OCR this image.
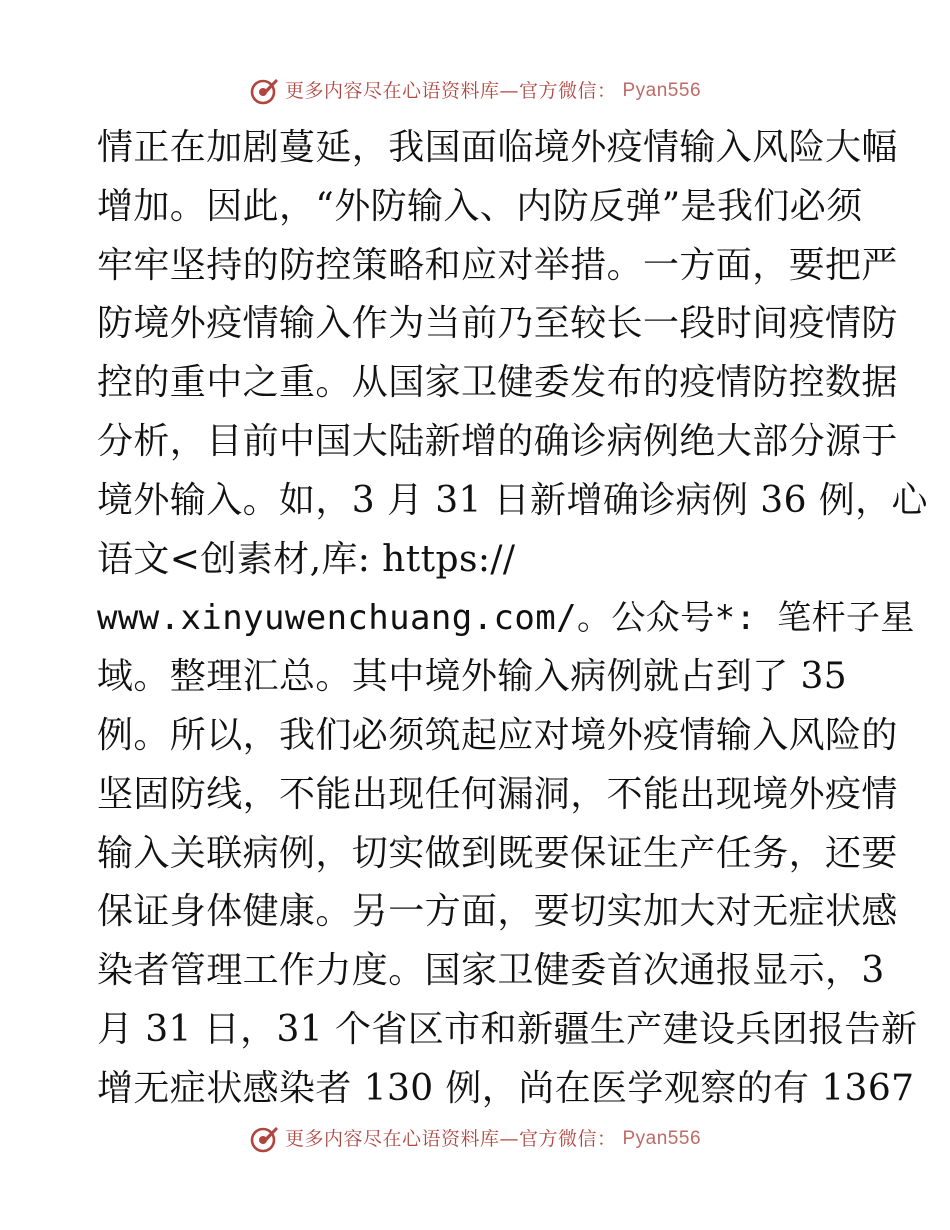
更多内容尽在心语资料库—官方微信： Pyan556
情正在加剧蔓延，我国面临境外疫情输入风险大幅
增加。因此，“外防输入、内防反弹”是我们必须
牢牢坚持的防控策略和应对举措。一方面，要把严
防境外疫情输入作为当前乃至较长一段时间疫情防
控的重中之重。从国家卫健委发布的疫情防控数据
分析，目前中国大陆新增的确诊病例绝大部分源于
境外输入。如，3 月 31 日新增确诊病例 36 例，心
语文<创素材,库: https://
www.xinyuwenchuang.com/。公众号*: 笔杆子星
域。整理汇总。其中境外输入病例就占到了 35
例。所以，我们必须筑起应对境外疫情输入风险的
坚固防线，不能出现任何漏洞，不能出现境外疫情
输入关联病例，切实做到既要保证生产任务，还要
保证身体健康。另一方面，要切实加大对无症状感
染者管理工作力度。国家卫健委首次通报显示，3
月 31 日，31 个省区市和新疆生产建设兵团报告新
增无症状感染者 130 例，尚在医学观察的有 1367
更多内容尽在心语资料库—官方微信： Pyan556
